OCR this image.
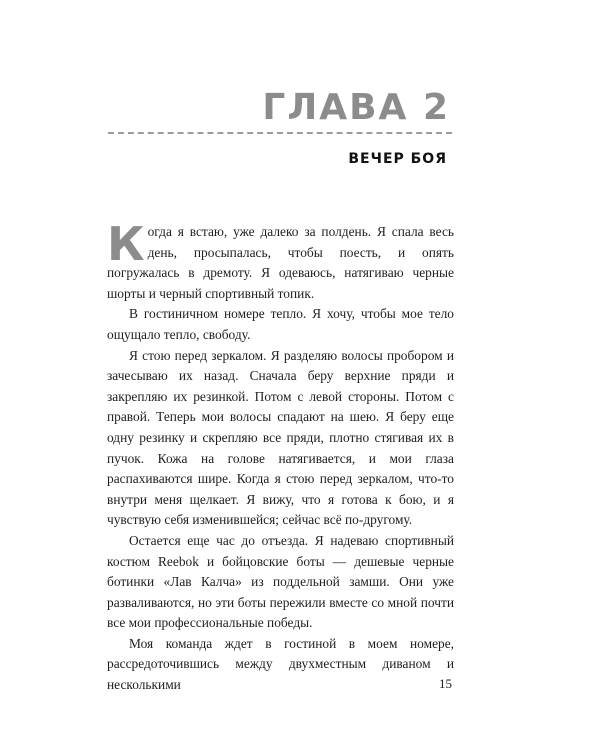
ГЛАВА 2
ВЕЧЕР БОЯ

Когда я встаю, уже далеко за полдень. Я спала весь день, просыпалась, чтобы поесть, и опять погружалась в дремоту. Я одеваюсь, натягиваю черные шорты и черный спортивный топик.

В гостиничном номере тепло. Я хочу, чтобы мое тело ощущало тепло, свободу.

Я стою перед зеркалом. Я разделяю волосы пробором и зачесываю их назад. Сначала беру верхние пряди и закрепляю их резинкой. Потом с левой стороны. Потом с правой. Теперь мои волосы спадают на шею. Я беру еще одну резинку и скрепляю все пряди, плотно стягивая их в пучок. Кожа на голове натягивается, и мои глаза распахиваются шире. Когда я стою перед зеркалом, что-то внутри меня щелкает. Я вижу, что я готова к бою, и я чувствую себя изменившейся; сейчас всё по-другому.

Остается еще час до отъезда. Я надеваю спортивный костюм Reebok и бойцовские боты — дешевые черные ботинки «Лав Калча» из поддельной замши. Они уже разваливаются, но эти боты пережили вместе со мной почти все мои профессиональные победы.

Моя команда ждет в гостиной в моем номере, рассредоточившись между двухместным диваном и несколькими	15
